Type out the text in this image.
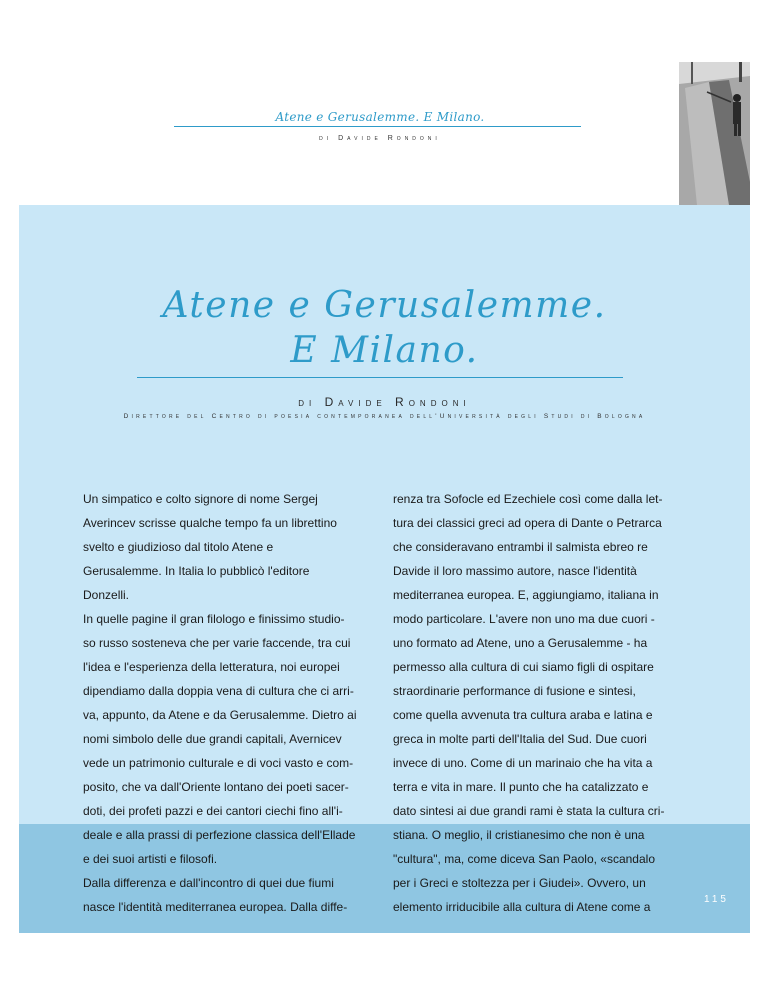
Atene e Gerusalemme. E Milano.
di Davide Rondoni
Atene e Gerusalemme.
E Milano.
di Davide Rondoni
Direttore del Centro di poesia contemporanea dell'Università degli Studi di Bologna
Un simpatico e colto signore di nome Sergej
Averincev scrisse qualche tempo fa un librettino
svelto e giudizioso dal titolo Atene e
Gerusalemme. In Italia lo pubblicò l'editore
Donzelli.
In quelle pagine il gran filologo e finissimo studio-
so russo sosteneva che per varie faccende, tra cui
l'idea e l'esperienza della letteratura, noi europei
dipendiamo dalla doppia vena di cultura che ci arri-
va, appunto, da Atene e da Gerusalemme. Dietro ai
nomi simbolo delle due grandi capitali, Avernicev
vede un patrimonio culturale e di voci vasto e com-
posito, che va dall'Oriente lontano dei poeti sacer-
doti, dei profeti pazzi e dei cantori ciechi fino all'i-
deale e alla prassi di perfezione classica dell'Ellade
e dei suoi artisti e filosofi.
Dalla differenza e dall'incontro di quei due fiumi
nasce l'identità mediterranea europea. Dalla diffe-
renza tra Sofocle ed Ezechiele così come dalla let-
tura dei classici greci ad opera di Dante o Petrarca
che consideravano entrambi il salmista ebreo re
Davide il loro massimo autore, nasce l'identità
mediterranea europea. E, aggiungiamo, italiana in
modo particolare. L'avere non uno ma due cuori -
uno formato ad Atene, uno a Gerusalemme - ha
permesso alla cultura di cui siamo figli di ospitare
straordinarie performance di fusione e sintesi,
come quella avvenuta tra cultura araba e latina e
greca in molte parti dell'Italia del Sud. Due cuori
invece di uno. Come di un marinaio che ha vita a
terra e vita in mare. Il punto che ha catalizzato e
dato sintesi ai due grandi rami è stata la cultura cri-
stiana. O meglio, il cristianesimo che non è una
"cultura", ma, come diceva San Paolo, «scandalo
per i Greci e stoltezza per i Giudei». Ovvero, un
elemento irriducibile alla cultura di Atene come a
115
